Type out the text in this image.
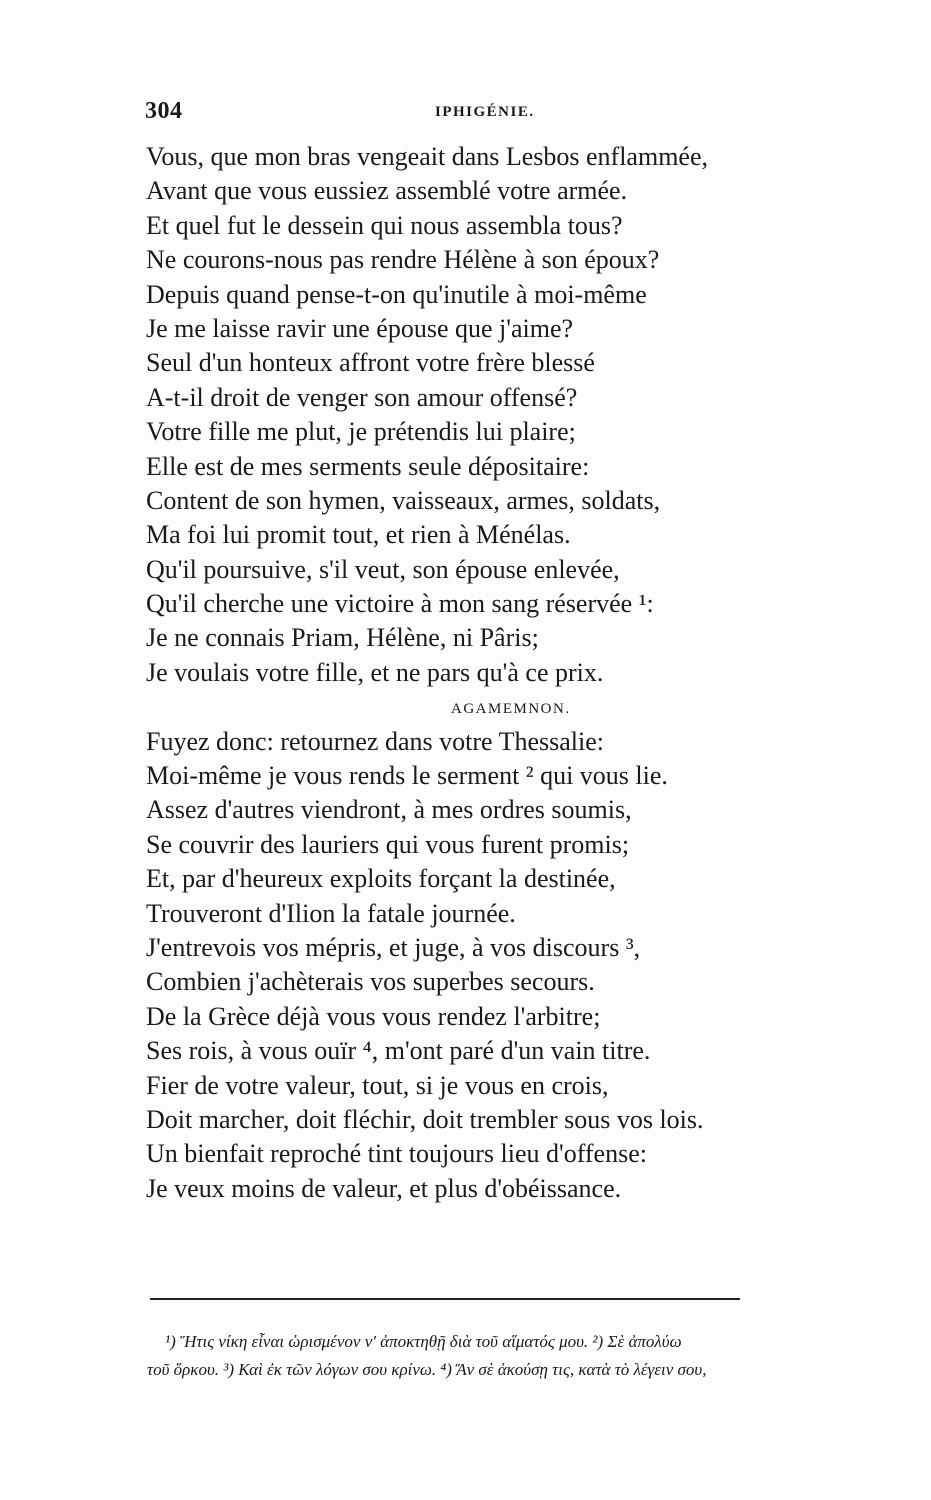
304	IPHIGÉNIE.
Vous, que mon bras vengeait dans Lesbos enflammée,
Avant que vous eussiez assemblé votre armée.
Et quel fut le dessein qui nous assembla tous?
Ne courons-nous pas rendre Hélène à son époux?
Depuis quand pense-t-on qu'inutile à moi-même
Je me laisse ravir une épouse que j'aime?
Seul d'un honteux affront votre frère blessé
A-t-il droit de venger son amour offensé?
Votre fille me plut, je prétendis lui plaire;
Elle est de mes serments seule dépositaire:
Content de son hymen, vaisseaux, armes, soldats,
Ma foi lui promit tout, et rien à Ménélas.
Qu'il poursuive, s'il veut, son épouse enlevée,
Qu'il cherche une victoire à mon sang réservée ¹:
Je ne connais Priam, Hélène, ni Pâris;
Je voulais votre fille, et ne pars qu'à ce prix.
AGAMEMNON.
Fuyez donc: retournez dans votre Thessalie:
Moi-même je vous rends le serment ² qui vous lie.
Assez d'autres viendront, à mes ordres soumis,
Se couvrir des lauriers qui vous furent promis;
Et, par d'heureux exploits forçant la destinée,
Trouveront d'Ilion la fatale journée.
J'entrevois vos mépris, et juge, à vos discours ³,
Combien j'achèterais vos superbes secours.
De la Grèce déjà vous vous rendez l'arbitre;
Ses rois, à vous ouïr ⁴, m'ont paré d'un vain titre.
Fier de votre valeur, tout, si je vous en crois,
Doit marcher, doit fléchir, doit trembler sous vos lois.
Un bienfait reproché tint toujours lieu d'offense:
Je veux moins de valeur, et plus d'obéissance.
¹) Ἥτις νίκη εἶναι ὡρισμένον ν' ἀποκτηθῇ διὰ τοῦ αἵματός μου. ²) Σὲ ἀπολύω
τοῦ ὅρκου. ³) Καὶ ἐκ τῶν λόγων σου κρίνω. ⁴) Ἄν σὲ ἀκούσῃ τις, κατὰ τὸ λέγειν σου,
